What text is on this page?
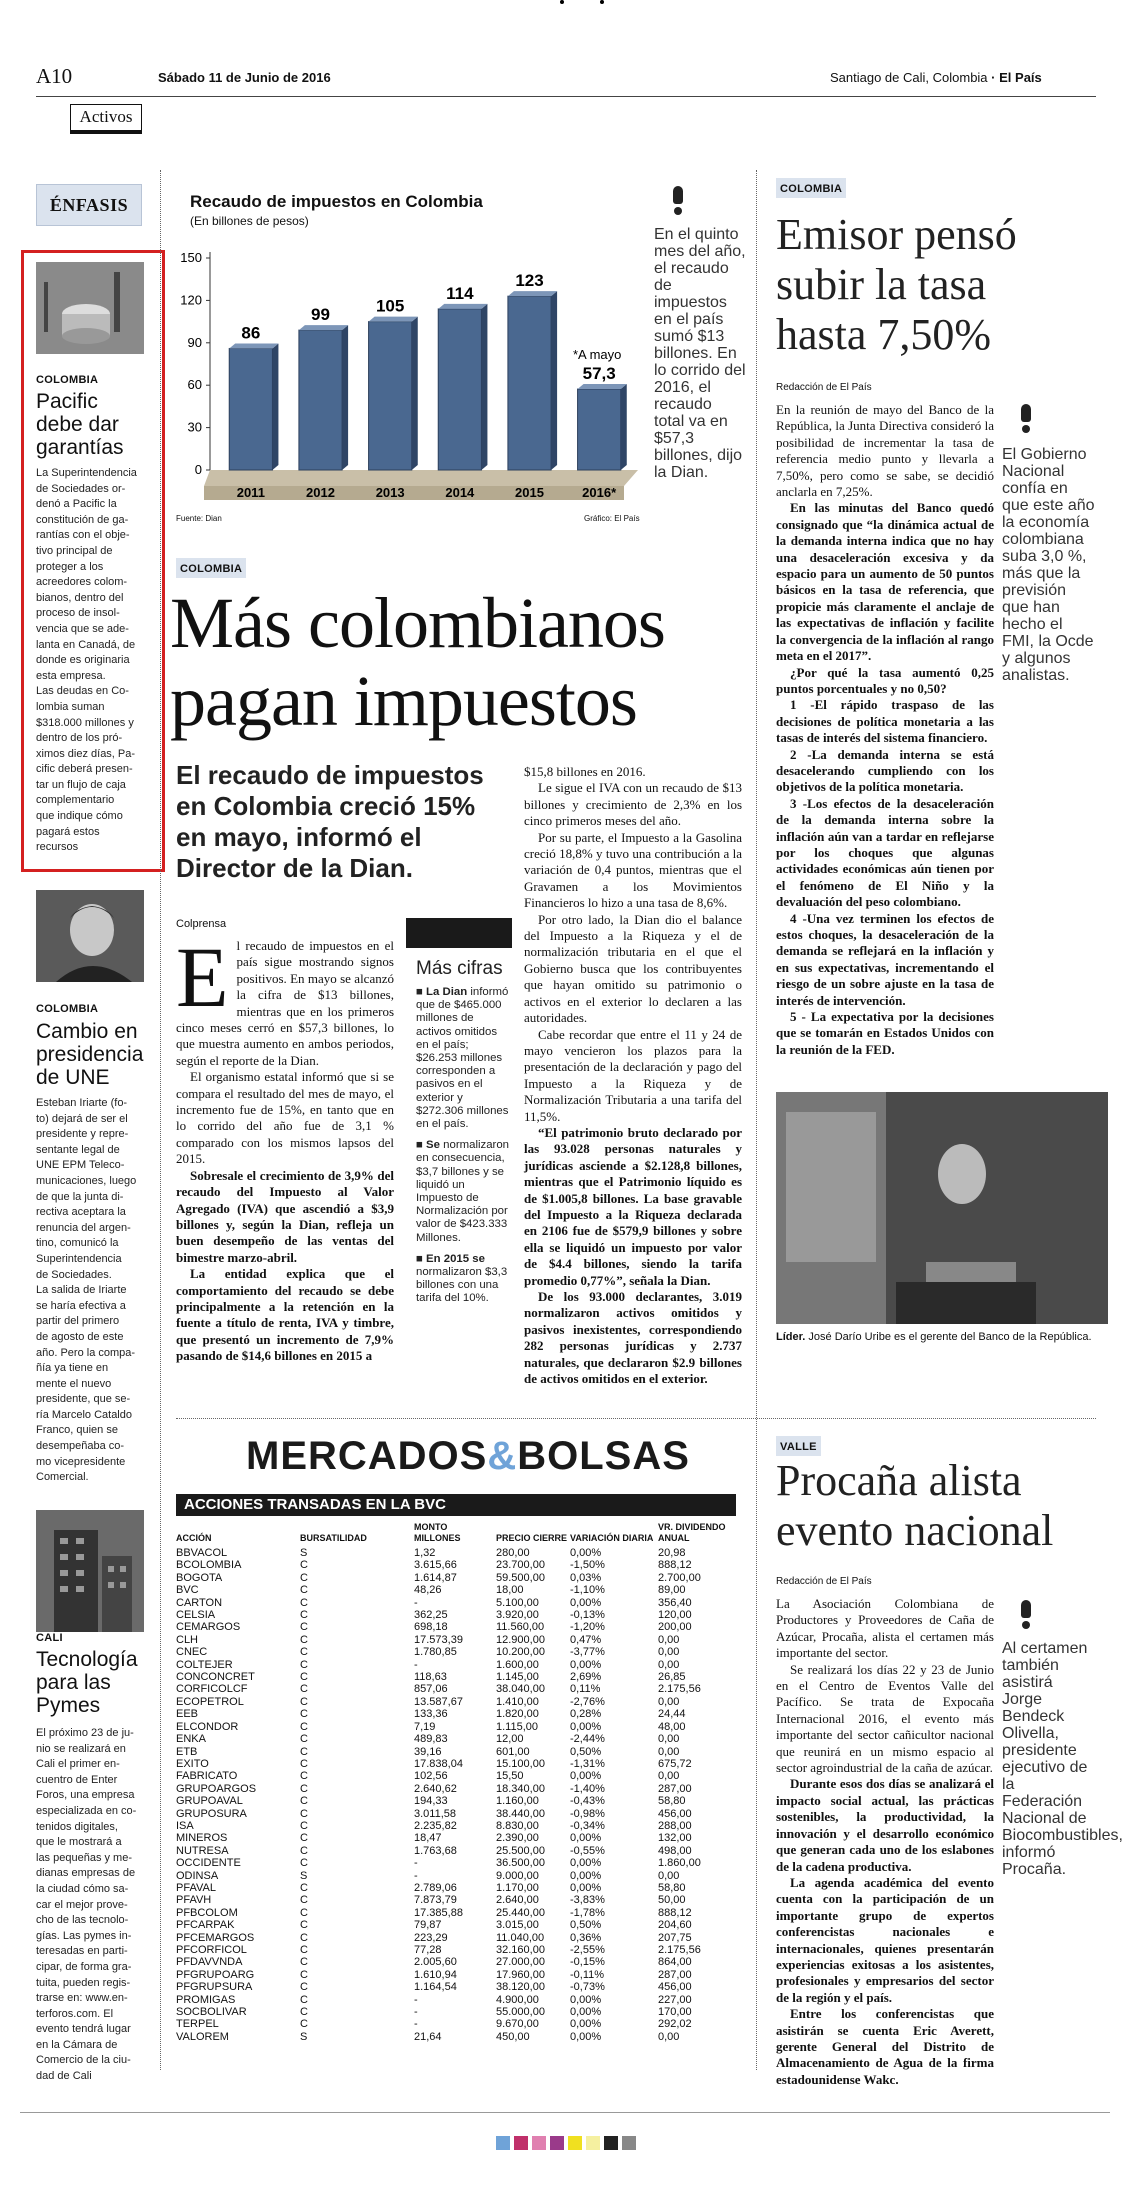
A10
Activos
Sábado 11 de Junio de 2016	Santiago de Cali, Colombia · El País
ÉNFASIS
COLOMBIA
Pacific debe dar garantías
La Superintendencia
de Sociedades or-
denó a Pacific la
constitución de ga-
rantías con el obje-
tivo principal de
proteger a los
acreedores colom-
bianos, dentro del
proceso de insol-
vencia que se ade-
lanta en Canadá, de
donde es originaria
esta empresa.
Las deudas en Co-
lombia suman
$318.000 millones y
dentro de los pró-
ximos diez días, Pa-
cific deberá presen-
tar un flujo de caja
complementario
que indique cómo
pagará estos
recursos
COLOMBIA
Cambio en presidencia de UNE
Esteban Iriarte (fo-
to) dejará de ser el
presidente y repre-
sentante legal de
UNE EPM Teleco-
municaciones, luego
de que la junta di-
rectiva aceptara la
renuncia del argen-
tino, comunicó la
Superintendencia
de Sociedades.
La salida de Iriarte
se haría efectiva a
partir del primero
de agosto de este
año. Pero la compa-
ñía ya tiene en
mente el nuevo
presidente, que se-
ría Marcelo Cataldo
Franco, quien se
desempeñaba co-
mo vicepresidente
Comercial.
CALI
Tecnología para las Pymes
El próximo 23 de ju-
nio se realizará en
Cali el primer en-
cuentro de Enter
Foros, una empresa
especializada en co-
tenidos digitales,
que le mostrará a
las pequeñas y me-
dianas empresas de
la ciudad cómo sa-
car el mejor prove-
cho de las tecnolo-
gías. Las pymes in-
teresadas en parti-
cipar, de forma gra-
tuita, pueden regis-
trarse en: www.en-
terforos.com. El
evento tendrá lugar
en la Cámara de
Comercio de la ciu-
dad de Cali
Recaudo de impuestos en Colombia
(En billones de pesos)
0
30
60
90
120
150
86
2011
99
2012
105
2013
114
2014
123
2015
57,3
2016*
*A mayo
Fuente: Dian	Gráfico: El País
En el quinto mes del año, el recaudo de impuestos en el país sumó $13 billones. En lo corrido del 2016, el recaudo total va en $57,3 billones, dijo la Dian.
COLOMBIA
Más colombianos
pagan impuestos
El recaudo de impuestos en Colombia creció 15% en mayo, informó el Director de la Dian.
Colprensa
E l recaudo de impuestos en el país sigue mostrando signos positivos. En mayo se alcanzó la cifra de $13 billones, mientras que en los primeros cinco meses cerró en $57,3 billones, lo que muestra aumento en ambos periodos, según el reporte de la Dian.

El organismo estatal informó que si se compara el resultado del mes de mayo, el incremento fue de 15%, en tanto que en lo corrido del año fue de 3,1 % comparado con los mismos lapsos del 2015.

Sobresale el crecimiento de 3,9% del recaudo del Impuesto al Valor Agregado (IVA) que ascendió a $3,9 billones y, según la Dian, refleja un buen desempeño de las ventas del bimestre marzo-abril.

La entidad explica que el comportamiento del recaudo se debe principalmente a la retención en la fuente a título de renta, IVA y timbre, que presentó un incremento de 7,9% pasando de $14,6 billones en 2015 a

Más cifras
■ La Dian informó que de $465.000 millones de activos omitidos en el país; $26.253 millones corresponden a pasivos en el exterior y $272.306 millones en el país.
■ Se normalizaron en consecuencia, $3,7 billones y se liquidó un Impuesto de Normalización por valor de $423.333 Millones.
■ En 2015 se normalizaron $3,3 billones con una tarifa del 10%.
$15,8 billones en 2016.

Le sigue el IVA con un recaudo de $13 billones y crecimiento de 2,3% en los cinco primeros meses del año.

Por su parte, el Impuesto a la Gasolina creció 18,8% y tuvo una contribución a la variación de 0,4 puntos, mientras que el Gravamen a los Movimientos Financieros lo hizo a una tasa de 8,6%.

Por otro lado, la Dian dio el balance del Impuesto a la Riqueza y el de normalización tributaria en el que el Gobierno busca que los contribuyentes que hayan omitido su patrimonio o activos en el exterior lo declaren a las autoridades.

Cabe recordar que entre el 11 y 24 de mayo vencieron los plazos para la presentación de la declaración y pago del Impuesto a la Riqueza y de Normalización Tributaria a una tarifa del 11,5%.

“El patrimonio bruto declarado por las 93.028 personas naturales y jurídicas asciende a $2.128,8 billones, mientras que el Patrimonio líquido es de $1.005,8 billones. La base gravable del Impuesto a la Riqueza declarada en 2106 fue de $579,9 billones y sobre ella se liquidó un impuesto por valor de $4.4 billones, siendo la tarifa promedio 0,77%”, señala la Dian.

De los 93.000 declarantes, 3.019 normalizaron activos omitidos y pasivos inexistentes, correspondiendo 282 personas jurídicas y 2.737 naturales, que declararon $2.9 billones de activos omitidos en el exterior.

COLOMBIA
Emisor pensó subir la tasa hasta 7,50%
Redacción de El País

En la reunión de mayo del Banco de la República, la Junta Directiva consideró la posibilidad de incrementar la tasa de referencia medio punto y llevarla a 7,50%, pero como se sabe, se decidió anclarla en 7,25%.

En las minutas del Banco quedó consignado que “la dinámica actual de la demanda interna indica que no hay una desaceleración excesiva y da espacio para un aumento de 50 puntos básicos en la tasa de referencia, que propicie más claramente el anclaje de las expectativas de inflación y facilite la convergencia de la inflación al rango meta en el 2017”.

¿Por qué la tasa aumentó 0,25 puntos porcentuales y no 0,50?

1 -El rápido traspaso de las decisiones de política monetaria a las tasas de interés del sistema financiero.

2 -La demanda interna se está desacelerando cumpliendo con los objetivos de la política monetaria.

3 -Los efectos de la desaceleración de la demanda interna sobre la inflación aún van a tardar en reflejarse por los choques que algunas actividades económicas aún tienen por el fenómeno de El Niño y la devaluación del peso colombiano.

4 -Una vez terminen los efectos de estos choques, la desaceleración de la demanda se reflejará en la inflación y en sus expectativas, incrementando el riesgo de un sobre ajuste en la tasa de interés de intervención.

5 - La expectativa por la decisiones que se tomarán en Estados Unidos con la reunión de la FED.

El Gobierno Nacional confía en que este año la economía colombiana suba 3,0 %, más que la previsión que han hecho el FMI, la Ocde y algunos analistas.
Líder. José Darío Uribe es el gerente del Banco de la República.
MERCADOS&BOLSAS
ACCIONES TRANSADAS EN LA BVC
ACCIÓN	BURSATILIDAD	MONTO MILLONES	PRECIO CIERRE	VARIACIÓN DIARIA	VR. DIVIDENDO ANUAL
BBVACOL	S	1,32	280,00	0,00%	20,98
BCOLOMBIA	C	3.615,66	23.700,00	-1,50%	888,12
BOGOTA	C	1.614,87	59.500,00	0,03%	2.700,00
BVC	C	48,26	18,00	-1,10%	89,00
CARTON	C	-	5.100,00	0,00%	356,40
CELSIA	C	362,25	3.920,00	-0,13%	120,00
CEMARGOS	C	698,18	11.560,00	-1,20%	200,00
CLH	C	17.573,39	12.900,00	0,47%	0,00
CNEC	C	1.780,85	10.200,00	-3,77%	0,00
COLTEJER	C	-	1.600,00	0,00%	0,00
CONCONCRET	C	118,63	1.145,00	2,69%	26,85
CORFICOLCF	C	857,06	38.040,00	0,11%	2.175,56
ECOPETROL	C	13.587,67	1.410,00	-2,76%	0,00
EEB	C	133,36	1.820,00	0,28%	24,44
ELCONDOR	C	7,19	1.115,00	0,00%	48,00
ENKA	C	489,83	12,00	-2,44%	0,00
ETB	C	39,16	601,00	0,50%	0,00
EXITO	C	17.838,04	15.100,00	-1,31%	675,72
FABRICATO	C	102,56	15,50	0,00%	0,00
GRUPOARGOS	C	2.640,62	18.340,00	-1,40%	287,00
GRUPOAVAL	C	194,33	1.160,00	-0,43%	58,80
GRUPOSURA	C	3.011,58	38.440,00	-0,98%	456,00
ISA	C	2.235,82	8.830,00	-0,34%	288,00
MINEROS	C	18,47	2.390,00	0,00%	132,00
NUTRESA	C	1.763,68	25.500,00	-0,55%	498,00
OCCIDENTE	C	-	36.500,00	0,00%	1.860,00
ODINSA	S	-	9.000,00	0,00%	0,00
PFAVAL	C	2.789,06	1.170,00	0,00%	58,80
PFAVH	C	7.873,79	2.640,00	-3,83%	50,00
PFBCOLOM	C	17.385,88	25.440,00	-1,78%	888,12
PFCARPAK	C	79,87	3.015,00	0,50%	204,60
PFCEMARGOS	C	223,29	11.040,00	0,36%	207,75
PFCORFICOL	C	77,28	32.160,00	-2,55%	2.175,56
PFDAVVNDA	C	2.005,60	27.000,00	-0,15%	864,00
PFGRUPOARG	C	1.610,94	17.960,00	-0,11%	287,00
PFGRUPSURA	C	1.164,54	38.120,00	-0,73%	456,00
PROMIGAS	C	-	4.900,00	0,00%	227,00
SOCBOLIVAR	C	-	55.000,00	0,00%	170,00
TERPEL	C	-	9.670,00	0,00%	292,02
VALOREM	S	21,64	450,00	0,00%	0,00
VALLE
Procaña alista evento nacional
Redacción de El País

La Asociación Colombiana de Productores y Proveedores de Caña de Azúcar, Procaña, alista el certamen más importante del sector.

Se realizará los días 22 y 23 de Junio en el Centro de Eventos Valle del Pacífico. Se trata de Expocaña Internacional 2016, el evento más importante del sector cañicultor nacional que reunirá en un mismo espacio al sector agroindustrial de la caña de azúcar.

Durante esos dos días se analizará el impacto social actual, las prácticas sostenibles, la productividad, la innovación y el desarrollo económico que generan cada uno de los eslabones de la cadena productiva.

La agenda académica del evento cuenta con la participación de un importante grupo de expertos conferencistas nacionales e internacionales, quienes presentarán experiencias exitosas a los asistentes, profesionales y empresarios del sector de la región y el país.

Entre los conferencistas que asistirán se cuenta Eric Averett, gerente General del Distrito de Almacenamiento de Agua de la firma estadounidense Wakc.

Al certamen también asistirá Jorge Bendeck Olivella, presidente ejecutivo de la Federación Nacional de Biocombustibles, informó Procaña.
